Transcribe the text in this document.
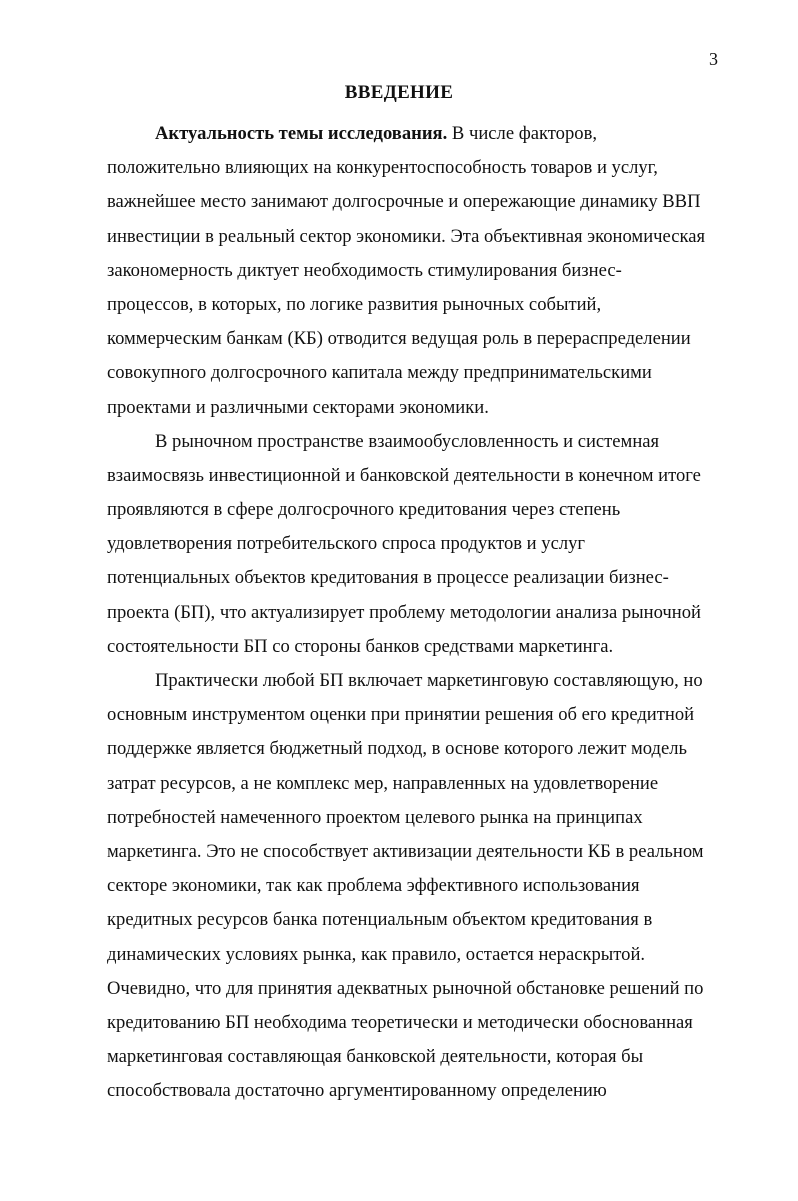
3
ВВЕДЕНИЕ
Актуальность темы исследования. В числе факторов,
положительно влияющих на конкурентоспособность товаров и услуг,
важнейшее место занимают долгосрочные и опережающие динамику ВВП
инвестиции в реальный сектор экономики. Эта объективная экономическая
закономерность диктует необходимость стимулирования бизнес-
процессов, в которых, по логике развития рыночных событий,
коммерческим банкам (КБ) отводится ведущая роль в перераспределении
совокупного долгосрочного капитала между предпринимательскими
проектами и различными секторами экономики.
В рыночном пространстве взаимообусловленность и системная
взаимосвязь инвестиционной и банковской деятельности в конечном итоге
проявляются в сфере долгосрочного кредитования через степень
удовлетворения потребительского спроса продуктов и услуг
потенциальных объектов кредитования в процессе реализации бизнес-
проекта (БП), что актуализирует проблему методологии анализа рыночной
состоятельности БП со стороны банков средствами маркетинга.
Практически любой БП включает маркетинговую составляющую, но
основным инструментом оценки при принятии решения об его кредитной
поддержке является бюджетный подход, в основе которого лежит модель
затрат ресурсов, а не комплекс мер, направленных на удовлетворение
потребностей намеченного проектом целевого рынка на принципах
маркетинга. Это не способствует активизации деятельности КБ в реальном
секторе экономики, так как проблема эффективного использования
кредитных ресурсов банка потенциальным объектом кредитования в
динамических условиях рынка, как правило, остается нераскрытой.
Очевидно, что для принятия адекватных рыночной обстановке решений по
кредитованию БП необходима теоретически и методически обоснованная
маркетинговая составляющая банковской деятельности, которая бы
способствовала достаточно аргументированному определению
